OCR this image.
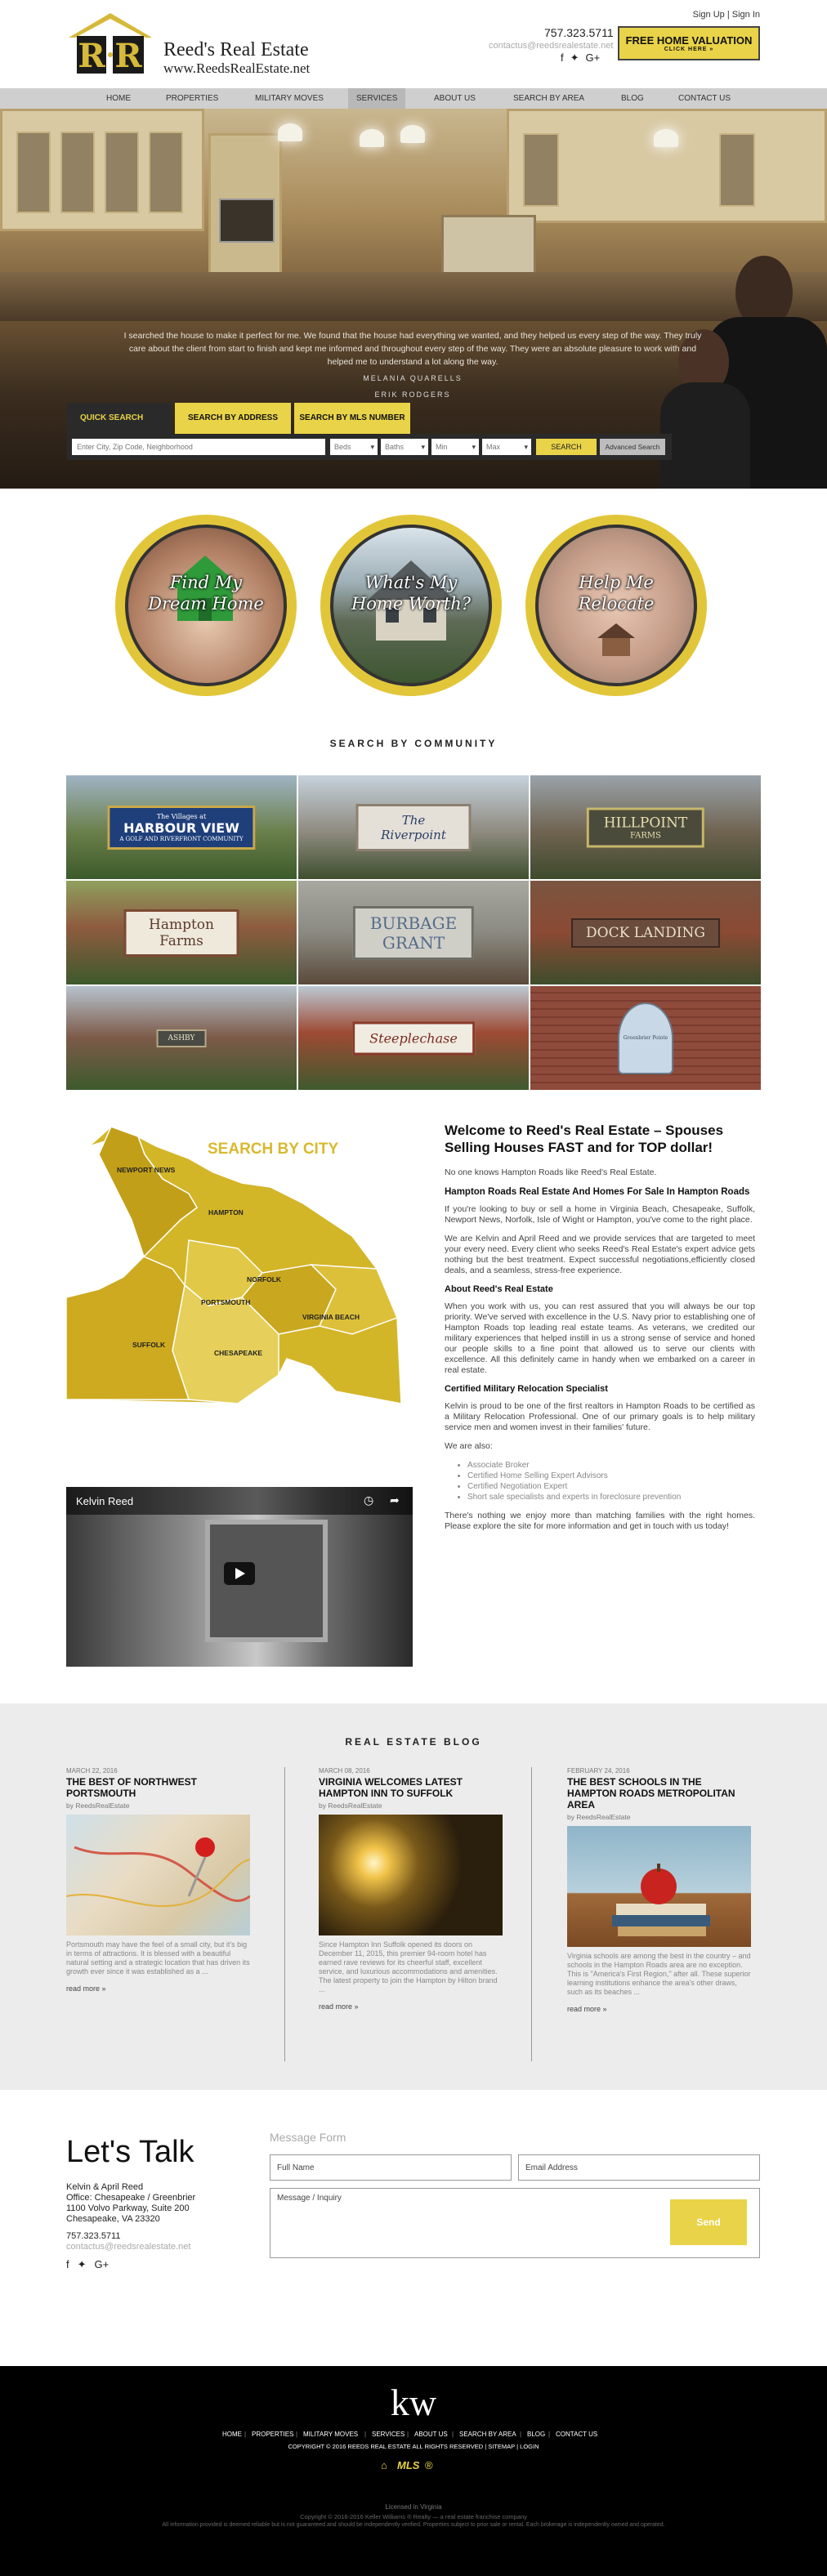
R R Reed's Real Estate
www.ReedsRealEstate.net
Sign Up | Sign In
757.323.5711
contactus@reedsrealestate.net
f✦G+
FREE HOME VALUATION
CLICK HERE »
HOME	PROPERTIES	MILITARY MOVES	SERVICES	ABOUT US	SEARCH BY AREA	BLOG	CONTACT US
I searched the house to make it perfect for me. We found that the house had everything we wanted, and they helped us every step of the way. They truly care about the client from start to finish and kept me informed and throughout every step of the way. They were an absolute pleasure to work with and helped me to understand a lot along the way.
MELANIA QUARELLS
ERIK RODGERS
QUICK SEARCH	SEARCH BY ADDRESS	SEARCH BY MLS NUMBER
Enter City, Zip Code, Neighborhood
Beds	▾	Baths ▾	Min	▾	Max	▾	SEARCH	Advanced Search
Find My
Dream Home
What's My
Home Worth?
Help Me
Relocate
SEARCH BY COMMUNITY
The Villages at
HARBOUR VIEW
A GOLF AND RIVERFRONT COMMUNITY
The Riverpoint
HILLPOINT
FARMS
Hampton Farms
BURBAGE
GRANT	DOCK LANDING
ASHBY	Steeplechase	Greenbrier Pointe
SEARCH BY CITY
NEWPORT NEWS
HAMPTON
NORFOLK
PORTSMOUTH
VIRGINIA BEACH
SUFFOLK
CHESAPEAKE
Kelvin Reed	◷ ➦
Welcome to Reed's Real Estate – Spouses Selling Houses FAST and for TOP dollar!

No one knows Hampton Roads like Reed's Real Estate.

Hampton Roads Real Estate And Homes For Sale In Hampton Roads

If you're looking to buy or sell a home in Virginia Beach, Chesapeake, Suffolk, Newport News, Norfolk, Isle of Wight or Hampton, you've come to the right place.

We are Kelvin and April Reed and we provide services that are targeted to meet your every need. Every client who seeks Reed's Real Estate's expert advice gets nothing but the best treatment. Expect successful negotiations,efficiently closed deals, and a seamless, stress-free experience.

About Reed's Real Estate

When you work with us, you can rest assured that you will always be our top priority. We've served with excellence in the U.S. Navy prior to establishing one of Hampton Roads top leading real estate teams. As veterans, we credited our military experiences that helped instill in us a strong sense of service and honed our people skills to a fine point that allowed us to serve our clients with excellence. All this definitely came in handy when we embarked on a career in real estate.

Certified Military Relocation Specialist

Kelvin is proud to be one of the first realtors in Hampton Roads to be certified as a Military Relocation Professional. One of our primary goals is to help military service men and women invest in their families' future.

We are also:

• Associate Broker
• Certified Home Selling Expert Advisors
• Certified Negotiation Expert
• Short sale specialists and experts in foreclosure prevention

There's nothing we enjoy more than matching families with the right homes. Please explore the site for more information and get in touch with us today!

REAL ESTATE BLOG
MARCH 22, 2016
THE BEST OF NORTHWEST PORTSMOUTH
by ReedsRealEstate
Portsmouth may have the feel of a small city, but it's big in terms of attractions. It is blessed with a beautiful natural setting and a strategic location that has driven its growth ever since it was established as a ...
read more »
MARCH 08, 2016
VIRGINIA WELCOMES LATEST HAMPTON INN TO SUFFOLK
by ReedsRealEstate
Since Hampton Inn Suffolk opened its doors on December 11, 2015, this premier 94-room hotel has earned rave reviews for its cheerful staff, excellent service, and luxurious accommodations and amenities. The latest property to join the Hampton by Hilton brand ...
read more »
FEBRUARY 24, 2016
THE BEST SCHOOLS IN THE HAMPTON ROADS METROPOLITAN AREA
by ReedsRealEstate
Virginia schools are among the best in the country – and schools in the Hampton Roads area are no exception. This is "America's First Region," after all. These superior learning institutions enhance the area's other draws, such as its beaches ...
read more »
Let's Talk
Kelvin & April Reed
Office: Chesapeake / Greenbrier
1100 Volvo Parkway, Suite 200
Chesapeake, VA 23320
757.323.5711
contactus@reedsrealestate.net
f✦G+
Message Form
Full Name	Email Address
Message / Inquiry
Send
kw
HOME | PROPERTIES | MILITARY MOVES | SERVICES | ABOUT US | SEARCH BY AREA | BLOG | CONTACT US
COPYRIGHT © 2016 REEDS REAL ESTATE ALL RIGHTS RESERVED | SITEMAP | LOGIN
⌂ MLS ®
Licensed in Virginia
Copyright © 2016-2016 Keller Williams ® Realty — a real estate franchise company
All information provided is deemed reliable but is not guaranteed and should be independently verified. Properties subject to prior sale or rental. Each brokerage is independently owned and operated.
